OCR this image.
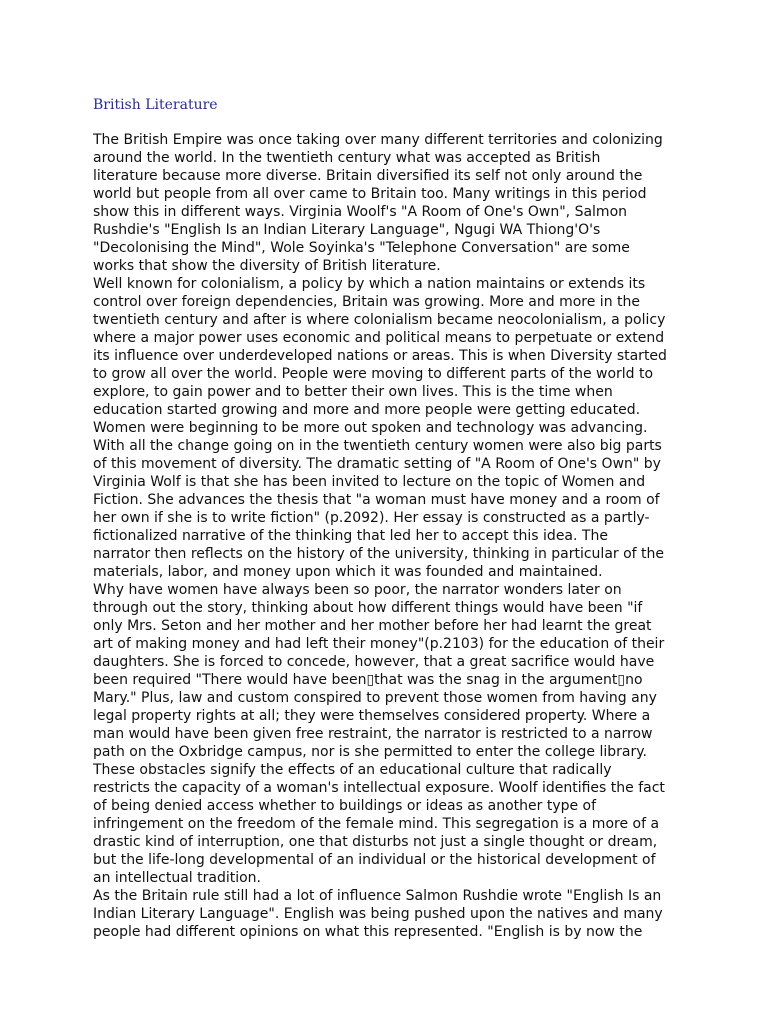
British Literature
The British Empire was once taking over many different territories and colonizing
around the world. In the twentieth century what was accepted as British
literature because more diverse. Britain diversified its self not only around the
world but people from all over came to Britain too. Many writings in this period
show this in different ways. Virginia Woolf's "A Room of One's Own", Salmon
Rushdie's "English Is an Indian Literary Language", Ngugi WA Thiong'O's
"Decolonising the Mind", Wole Soyinka's "Telephone Conversation" are some
works that show the diversity of British literature.
Well known for colonialism, a policy by which a nation maintains or extends its
control over foreign dependencies, Britain was growing. More and more in the
twentieth century and after is where colonialism became neocolonialism, a policy
where a major power uses economic and political means to perpetuate or extend
its influence over underdeveloped nations or areas. This is when Diversity started
to grow all over the world. People were moving to different parts of the world to
explore, to gain power and to better their own lives. This is the time when
education started growing and more and more people were getting educated.
Women were beginning to be more out spoken and technology was advancing.
With all the change going on in the twentieth century women were also big parts
of this movement of diversity. The dramatic setting of "A Room of One's Own" by
Virginia Wolf is that she has been invited to lecture on the topic of Women and
Fiction. She advances the thesis that "a woman must have money and a room of
her own if she is to write fiction" (p.2092). Her essay is constructed as a partly-
fictionalized narrative of the thinking that led her to accept this idea. The
narrator then reflects on the history of the university, thinking in particular of the
materials, labor, and money upon which it was founded and maintained.
Why have women have always been so poor, the narrator wonders later on
through out the story, thinking about how different things would have been "if
only Mrs. Seton and her mother and her mother before her had learnt the great
art of making money and had left their money"(p.2103) for the education of their
daughters. She is forced to concede, however, that a great sacrifice would have
been required "There would have been▯that was the snag in the argument▯no
Mary." Plus, law and custom conspired to prevent those women from having any
legal property rights at all; they were themselves considered property. Where a
man would have been given free restraint, the narrator is restricted to a narrow
path on the Oxbridge campus, nor is she permitted to enter the college library.
These obstacles signify the effects of an educational culture that radically
restricts the capacity of a woman's intellectual exposure. Woolf identifies the fact
of being denied access whether to buildings or ideas as another type of
infringement on the freedom of the female mind. This segregation is a more of a
drastic kind of interruption, one that disturbs not just a single thought or dream,
but the life-long developmental of an individual or the historical development of
an intellectual tradition.
As the Britain rule still had a lot of influence Salmon Rushdie wrote "English Is an
Indian Literary Language". English was being pushed upon the natives and many
people had different opinions on what this represented. "English is by now the
